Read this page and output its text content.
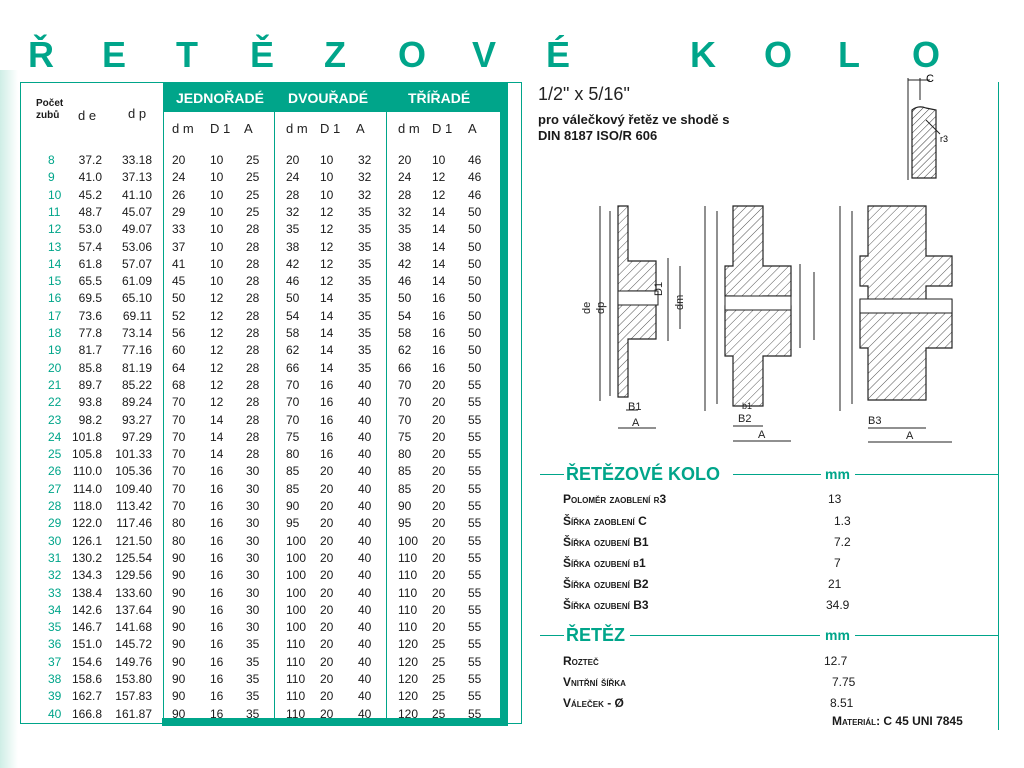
Ř E T Ě Z O V É	K O L O
JEDNOŘADÉ DVOUŘADÉ	TŘÍŘADÉ
Počet zubů	d e d p
d m D 1 A	d m D 1 A	d m D 1 A
8 37.2 33.18 20 10 25 20 10 32 20 10 46
9 41.0 37.13 24 10 25 24 10 32 24 12 46
10 45.2 41.10 26 10 25 28 10 32 28 12 46
11 48.7 45.07 29 10 25 32 12 35 32 14 50
12 53.0 49.07 33 10 28 35 12 35 35 14 50
13 57.4 53.06 37 10 28 38 12 35 38 14 50
14 61.8 57.07 41 10 28 42 12 35 42 14 50
15 65.5 61.09 45 10 28 46 12 35 46 14 50
16 69.5 65.10 50 12 28 50 14 35 50 16 50
17 73.6 69.11 52 12 28 54 14 35 54 16 50
18 77.8 73.14 56 12 28 58 14 35 58 16 50
19 81.7 77.16 60 12 28 62 14 35 62 16 50
20 85.8 81.19 64 12 28 66 14 35 66 16 50
21 89.7 85.22 68 12 28 70 16 40 70 20 55
22 93.8 89.24 70 12 28 70 16 40 70 20 55
23 98.2 93.27 70 14 28 70 16 40 70 20 55
24 101.8 97.29 70 14 28 75 16 40 75 20 55
25 105.8 101.33 70 14 28 80 16 40 80 20 55
26 110.0 105.36 70 16 30 85 20 40 85 20 55
27 114.0 109.40 70 16 30 85 20 40 85 20 55
28 118.0 113.42 70 16 30 90 20 40 90 20 55
29 122.0 117.46 80 16 30 95 20 40 95 20 55
30 126.1 121.50 80 16 30 100 20 40 100 20 55
31 130.2 125.54 90 16 30 100 20 40 110 20 55
32 134.3 129.56 90 16 30 100 20 40 110 20 55
33 138.4 133.60 90 16 30 100 20 40 110 20 55
34 142.6 137.64 90 16 30 100 20 40 110 20 55
35 146.7 141.68 90 16 30 100 20 40 110 20 55
36 151.0 145.72 90 16 35 110 20 40 120 25 55
37 154.6 149.76 90 16 35 110 20 40 120 25 55
38 158.6 153.80 90 16 35 110 20 40 120 25 55
39 162.7 157.83 90 16 35 110 20 40 120 25 55
40 166.8 161.87 90 16 35 110 20 40 120 25 55
1/2" x 5/16"
pro válečkový řetěz ve shodě s
DIN 8187 ISO/R 606
C
r3
de dp
D1
dm
B1
A	B2
A
B3
A
b1
ŘETĚZOVÉ KOLO	mm
Poloměr zaoblení r3	13
Šířka zaoblení C	1.3
Šířka ozubení B1	7.2
Šířka ozubení b1	7
Šířka ozubení B2	21
Šířka ozubení B3	34.9
ŘETĚZ	mm
Rozteč	12.7
Vnitřní šířka	7.75
Váleček - Ø	8.51
Materiál: C 45 UNI 7845
